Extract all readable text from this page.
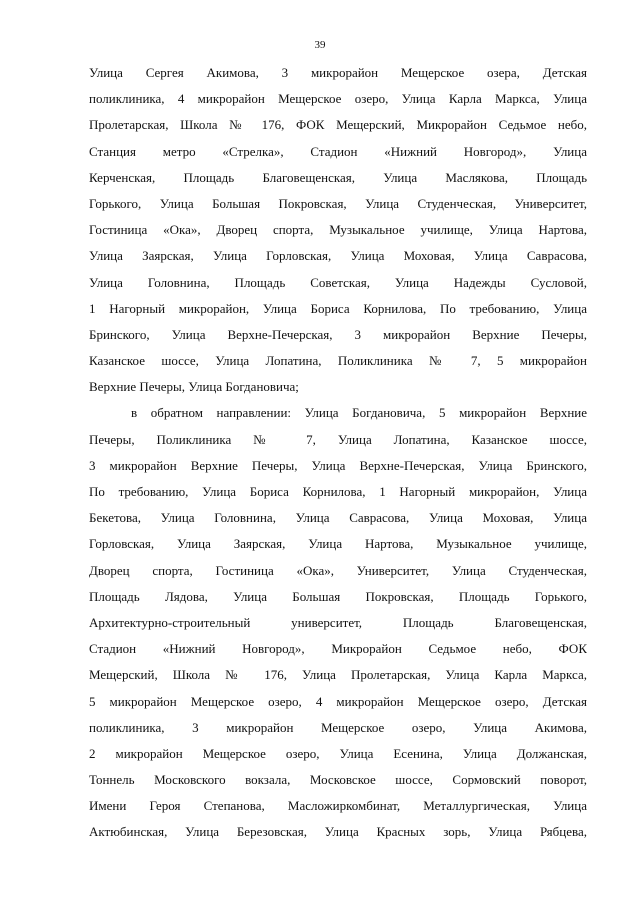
39

Улица Сергея Акимова, 3 микрорайон Мещерское озера, Детская
поликлиника, 4 микрорайон Мещерское озеро, Улица Карла Маркса, Улица
Пролетарская, Школа № 176, ФОК Мещерский, Микрорайон Седьмое небо,
Станция метро «Стрелка», Стадион «Нижний Новгород», Улица
Керченская, Площадь Благовещенская, Улица Маслякова, Площадь
Горького, Улица Большая Покровская, Улица Студенческая, Университет,
Гостиница «Ока», Дворец спорта, Музыкальное училище, Улица Нартова,
Улица Заярская, Улица Горловская, Улица Моховая, Улица Саврасова,
Улица Головнина, Площадь Советская, Улица Надежды Сусловой,
1 Нагорный микрорайон, Улица Бориса Корнилова, По требованию, Улица
Бринского, Улица Верхне-Печерская, 3 микрорайон Верхние Печеры,
Казанское шоссе, Улица Лопатина, Поликлиника № 7, 5 микрорайон
Верхние Печеры, Улица Богдановича;

в обратном направлении: Улица Богдановича, 5 микрорайон Верхние
Печеры, Поликлиника № 7, Улица Лопатина, Казанское шоссе,
3 микрорайон Верхние Печеры, Улица Верхне-Печерская, Улица Бринского,
По требованию, Улица Бориса Корнилова, 1 Нагорный микрорайон, Улица
Бекетова, Улица Головнина, Улица Саврасова, Улица Моховая, Улица
Горловская, Улица Заярская, Улица Нартова, Музыкальное училище,
Дворец спорта, Гостиница «Ока», Университет, Улица Студенческая,
Площадь Лядова, Улица Большая Покровская, Площадь Горького,
Архитектурно-строительный университет, Площадь Благовещенская,
Стадион «Нижний Новгород», Микрорайон Седьмое небо, ФОК
Мещерский, Школа № 176, Улица Пролетарская, Улица Карла Маркса,
5 микрорайон Мещерское озеро, 4 микрорайон Мещерское озеро, Детская
поликлиника, 3 микрорайон Мещерское озеро, Улица Акимова,
2 микрорайон Мещерское озеро, Улица Есенина, Улица Должанская,
Тоннель Московского вокзала, Московское шоссе, Сормовский поворот,
Имени Героя Степанова, Масложиркомбинат, Металлургическая, Улица
Актюбинская, Улица Березовская, Улица Красных зорь, Улица Рябцева,
